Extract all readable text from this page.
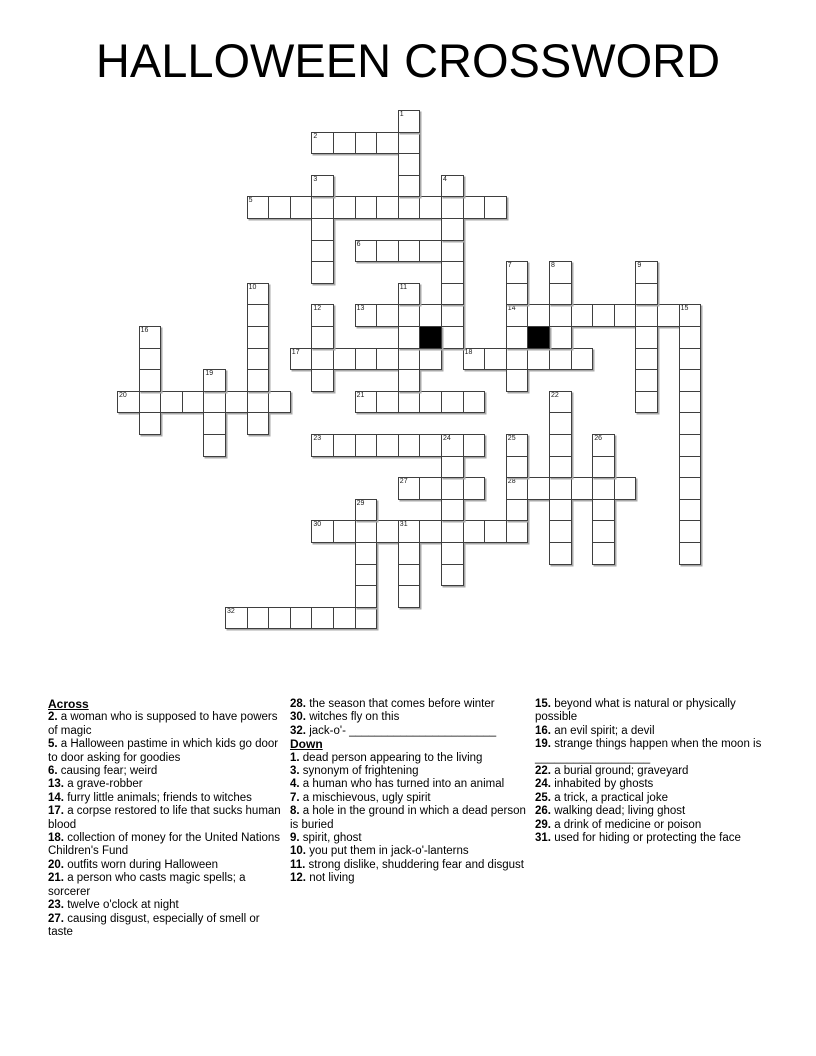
HALLOWEEN CROSSWORD
2
5
6
13	14	15
17	18
20	21
23	24
27	28
30	31
32
1
3	4
7	8	9
10	11
12
16
19
22
25	26
29
Across
2. a woman who is supposed to have powers of magic
5. a Halloween pastime in which kids go door to door asking for goodies
6. causing fear; weird
13. a grave-robber
14. furry little animals; friends to witches
17. a corpse restored to life that sucks human blood
18. collection of money for the United Nations Children's Fund
20. outfits worn during Halloween
21. a person who casts magic spells; a sorcerer
23. twelve o'clock at night
27. causing disgust, especially of smell or taste
28. the season that comes before winter
30. witches fly on this
32. jack-o'- _______________________
Down
1. dead person appearing to the living
3. synonym of frightening
4. a human who has turned into an animal
7. a mischievous, ugly spirit
8. a hole in the ground in which a dead person is buried
9. spirit, ghost
10. you put them in jack-o'-lanterns
11. strong dislike, shuddering fear and disgust
12. not living
15. beyond what is natural or physically possible
16. an evil spirit; a devil
19. strange things happen when the moon is __________________
22. a burial ground; graveyard
24. inhabited by ghosts
25. a trick, a practical joke
26. walking dead; living ghost
29. a drink of medicine or poison
31. used for hiding or protecting the face
